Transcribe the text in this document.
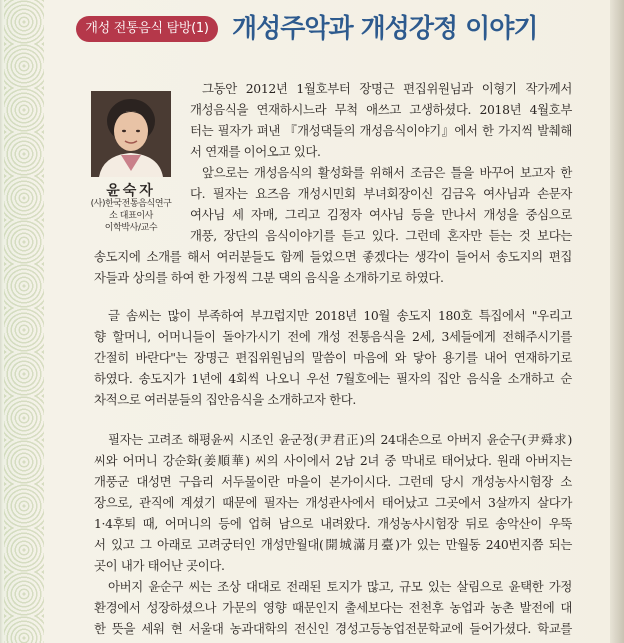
개성 전통음식 탐방(1) 개성주악과 개성강정 이야기
윤숙자
(사)한국전통음식연구
소 대표이사
이학박사/교수
그동안 2012년 1월호부터 장명근 편집위원님과 이형기 작가께서
개성음식을 연재하시느라 무척 애쓰고 고생하셨다. 2018년 4월호부
터는 필자가 펴낸 『개성댁들의 개성음식이야기』에서 한 가지씩 발췌해
서 연재를 이어오고 있다.
앞으로는 개성음식의 활성화를 위해서 조금은 틀을 바꾸어 보고자 한
다. 필자는 요즈음 개성시민회 부녀회장이신 김금옥 여사님과 손문자
여사님 세 자매, 그리고 김정자 여사님 등을 만나서 개성을 중심으로
개풍, 장단의 음식이야기를 듣고 있다. 그런데 혼자만 듣는 것 보다는
송도지에 소개를 해서 여러분들도 함께 들었으면 좋겠다는 생각이 들어서 송도지의 편집
자들과 상의를 하여 한 가정씩 그분 댁의 음식을 소개하기로 하였다.
글 솜씨는 많이 부족하여 부끄럽지만 2018년 10월 송도지 180호 특집에서 "우리고
향 할머니, 어머니들이 돌아가시기 전에 개성 전통음식을 2세, 3세들에게 전해주시기를
간절히 바란다"는 장명근 편집위원님의 말씀이 마음에 와 닿아 용기를 내어 연재하기로
하였다. 송도지가 1년에 4회씩 나오니 우선 7월호에는 필자의 집안 음식을 소개하고 순
차적으로 여러분들의 집안음식을 소개하고자 한다.
필자는 고려조 해평윤씨 시조인 윤군정(尹君正)의 24대손으로 아버지 윤순구(尹舜求)
씨와 어머니 강순화(姜順華) 씨의 사이에서 2남 2녀 중 막내로 태어났다. 원래 아버지는
개풍군 대성면 구읍리 서두물이란 마을이 본가이시다. 그런데 당시 개성농사시험장 소
장으로, 관직에 계셨기 때문에 필자는 개성관사에서 태어났고 그곳에서 3살까지 살다가
1·4후퇴 때, 어머니의 등에 업혀 남으로 내려왔다. 개성농사시험장 뒤로 송악산이 우뚝
서 있고 그 아래로 고려궁터인 개성만월대(開城滿月臺)가 있는 만월동 240번지쯤 되는
곳이 내가 태어난 곳이다.
아버지 윤순구 씨는 조상 대대로 전래된 토지가 많고, 규모 있는 살림으로 윤택한 가정
환경에서 성장하셨으나 가문의 영향 때문인지 출세보다는 전천후 농업과 농촌 발전에 대
한 뜻을 세워 현 서울대 농과대학의 전신인 경성고등농업전문학교에 들어가셨다. 학교를
